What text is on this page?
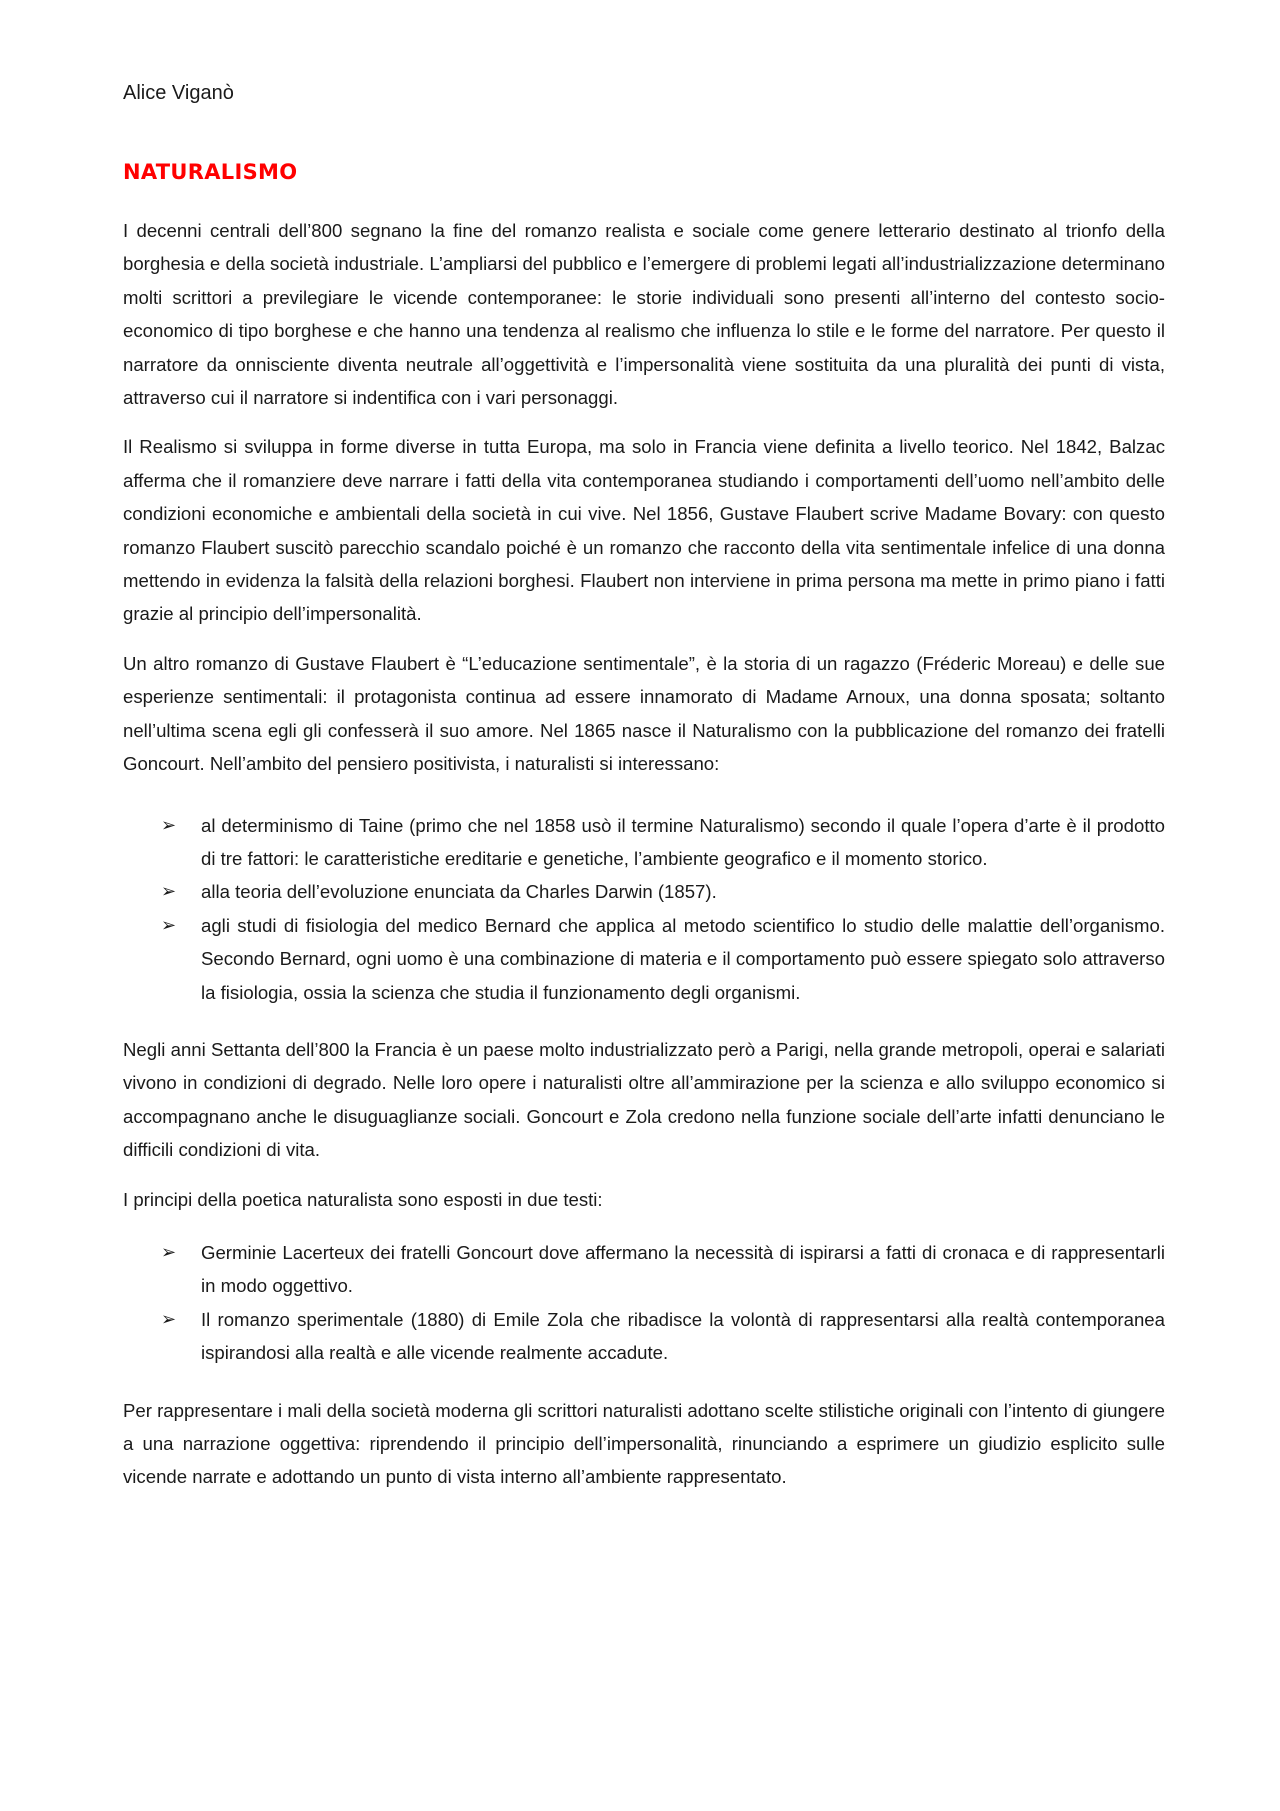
Alice Viganò
NATURALISMO

I decenni centrali dell’800 segnano la fine del romanzo realista e sociale come genere letterario destinato al trionfo della borghesia e della società industriale. L’ampliarsi del pubblico e l’emergere di problemi legati all’industrializzazione determinano molti scrittori a previlegiare le vicende contemporanee: le storie individuali sono presenti all’interno del contesto socio-economico di tipo borghese e che hanno una tendenza al realismo che influenza lo stile e le forme del narratore. Per questo il narratore da onnisciente diventa neutrale all’oggettività e l’impersonalità viene sostituita da una pluralità dei punti di vista, attraverso cui il narratore si indentifica con i vari personaggi.

Il Realismo si sviluppa in forme diverse in tutta Europa, ma solo in Francia viene definita a livello teorico. Nel 1842, Balzac afferma che il romanziere deve narrare i fatti della vita contemporanea studiando i comportamenti dell’uomo nell’ambito delle condizioni economiche e ambientali della società in cui vive. Nel 1856, Gustave Flaubert scrive Madame Bovary: con questo romanzo Flaubert suscitò parecchio scandalo poiché è un romanzo che racconto della vita sentimentale infelice di una donna mettendo in evidenza la falsità della relazioni borghesi. Flaubert non interviene in prima persona ma mette in primo piano i fatti grazie al principio dell’impersonalità.

Un altro romanzo di Gustave Flaubert è “L’educazione sentimentale”, è la storia di un ragazzo (Fréderic Moreau) e delle sue esperienze sentimentali: il protagonista continua ad essere innamorato di Madame Arnoux, una donna sposata; soltanto nell’ultima scena egli gli confesserà il suo amore. Nel 1865 nasce il Naturalismo con la pubblicazione del romanzo dei fratelli Goncourt. Nell’ambito del pensiero positivista, i naturalisti si interessano:

➢ al determinismo di Taine (primo che nel 1858 usò il termine Naturalismo) secondo il quale l’opera d’arte è il prodotto di tre fattori: le caratteristiche ereditarie e genetiche, l’ambiente geografico e il momento storico.
➢ alla teoria dell’evoluzione enunciata da Charles Darwin (1857).
➢ agli studi di fisiologia del medico Bernard che applica al metodo scientifico lo studio delle malattie dell’organismo. Secondo Bernard, ogni uomo è una combinazione di materia e il comportamento può essere spiegato solo attraverso la fisiologia, ossia la scienza che studia il funzionamento degli organismi.

Negli anni Settanta dell’800 la Francia è un paese molto industrializzato però a Parigi, nella grande metropoli, operai e salariati vivono in condizioni di degrado. Nelle loro opere i naturalisti oltre all’ammirazione per la scienza e allo sviluppo economico si accompagnano anche le disuguaglianze sociali. Goncourt e Zola credono nella funzione sociale dell’arte infatti denunciano le difficili condizioni di vita.

I principi della poetica naturalista sono esposti in due testi:

➢ Germinie Lacerteux dei fratelli Goncourt dove affermano la necessità di ispirarsi a fatti di cronaca e di rappresentarli in modo oggettivo.
➢ Il romanzo sperimentale (1880) di Emile Zola che ribadisce la volontà di rappresentarsi alla realtà contemporanea ispirandosi alla realtà e alle vicende realmente accadute.

Per rappresentare i mali della società moderna gli scrittori naturalisti adottano scelte stilistiche originali con l’intento di giungere a una narrazione oggettiva: riprendendo il principio dell’impersonalità, rinunciando a esprimere un giudizio esplicito sulle vicende narrate e adottando un punto di vista interno all’ambiente rappresentato.
